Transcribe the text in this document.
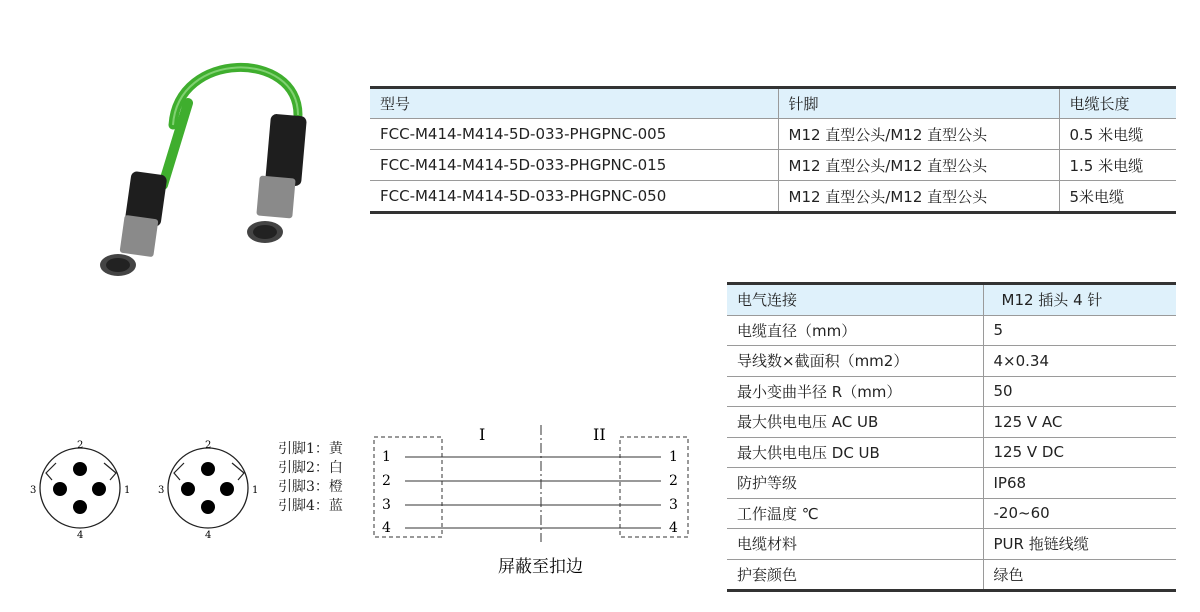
型号	针脚	电缆长度
FCC-M414-M414-5D-033-PHGPNC-005	M12 直型公头/M12 直型公头	0.5 米电缆
FCC-M414-M414-5D-033-PHGPNC-015	M12 直型公头/M12 直型公头	1.5 米电缆
FCC-M414-M414-5D-033-PHGPNC-050	M12 直型公头/M12 直型公头	5米电缆
电气连接	M12 插头 4 针
电缆直径（mm）	5
导线数×截面积（mm2）	4×0.34
最小变曲半径 R（mm）	50
最大供电电压 AC UB	125 V AC
最大供电电压 DC UB	125 V DC
防护等级	IP68
工作温度 ℃	-20~60
电缆材料	PUR 拖链线缆
护套颜色	绿色
2
1
3
4
2
1
3
4
引脚1：黄
引脚2：白
引脚3：橙
引脚4：蓝
I	II
1
2
3
4
1
2
3
4
屏蔽至扣边
